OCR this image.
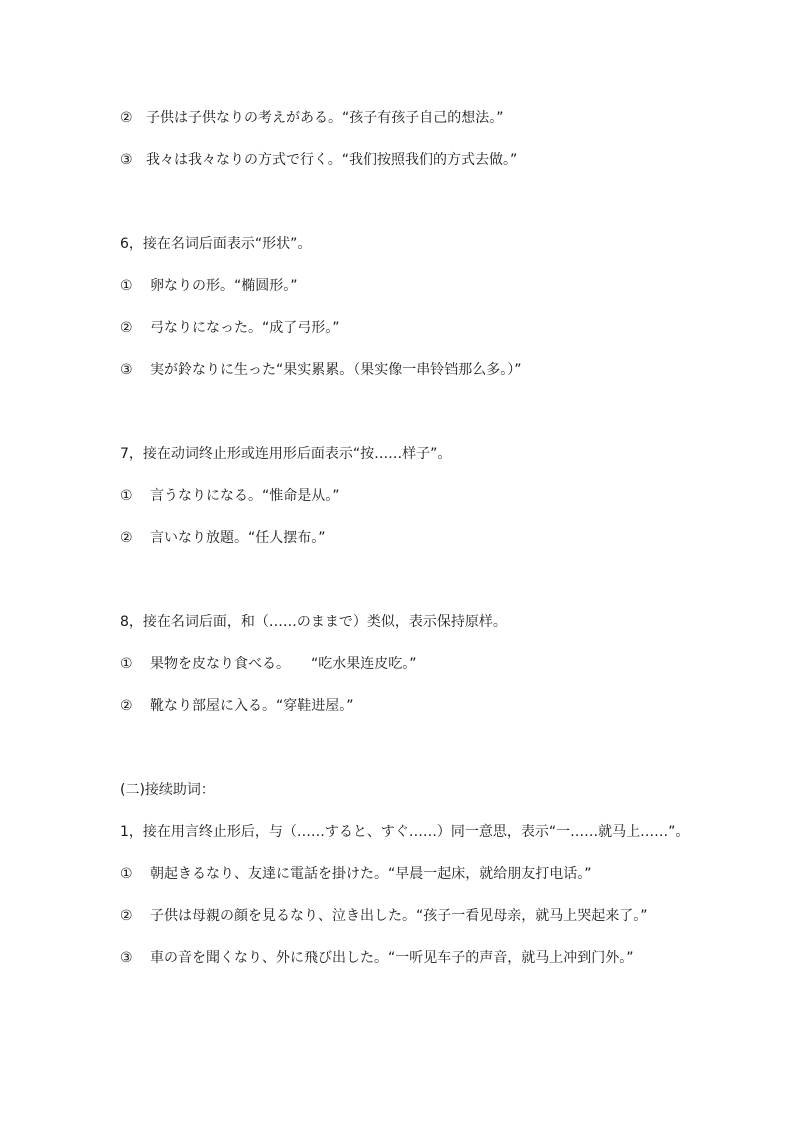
② 子供は子供なりの考えがある。“孩子有孩子自己的想法。”

③ 我々は我々なりの方式で行く。“我们按照我们的方式去做。”

6，接在名词后面表示“形状”。

① 卵なりの形。“椭圆形。”

② 弓なりになった。“成了弓形。”

③ 実が鈴なりに生った“果实累累。（果实像一串铃铛那么多。）”

7，接在动词终止形或连用形后面表示“按……样子”。

① 言うなりになる。“惟命是从。”

② 言いなり放題。“任人摆布。”

8，接在名词后面，和（……のままで）类似，表示保持原样。

① 果物を皮なり食べる。　　“吃水果连皮吃。”

② 靴なり部屋に入る。“穿鞋进屋。”

(二)接续助词：

1，接在用言终止形后，与（……すると、すぐ……）同一意思，表示“一……就马上……”。

① 朝起きるなり、友達に電話を掛けた。“早晨一起床，就给朋友打电话。”

② 子供は母親の顔を見るなり、泣き出した。“孩子一看见母亲，就马上哭起来了。”

③ 車の音を聞くなり、外に飛び出した。“一听见车子的声音，就马上冲到门外。”
